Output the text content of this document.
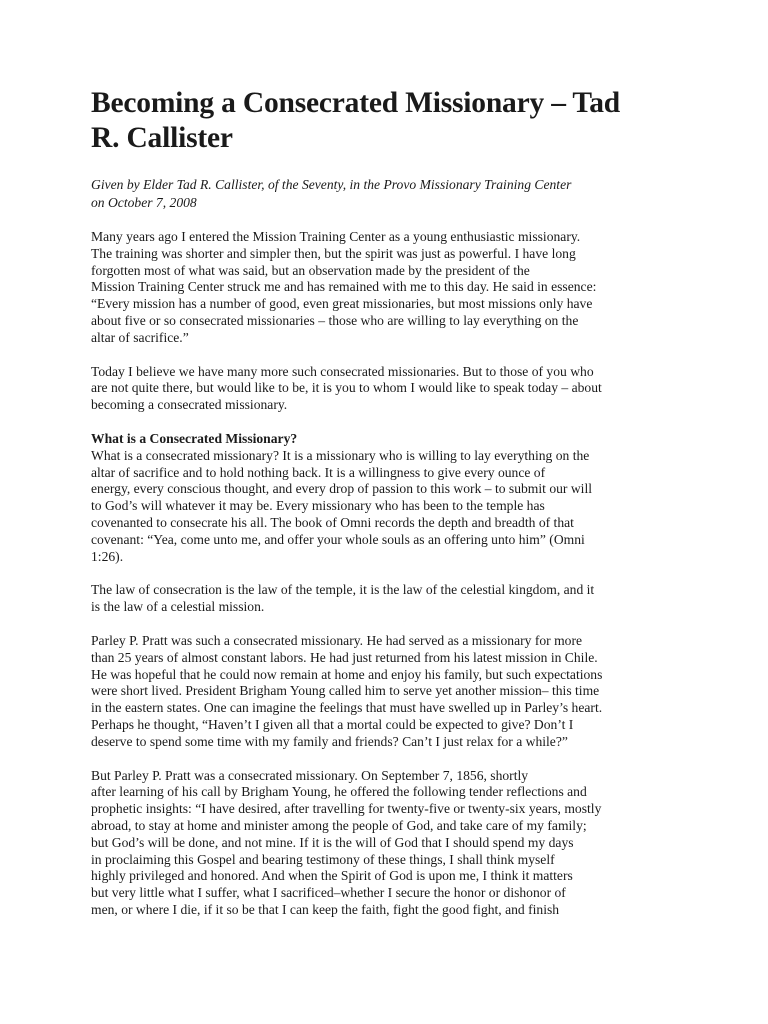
Becoming a Consecrated Missionary – Tad
R. Callister
Given by Elder Tad R. Callister, of the Seventy, in the Provo Missionary Training Center
on October 7, 2008
Many years ago I entered the Mission Training Center as a young enthusiastic missionary.
The training was shorter and simpler then, but the spirit was just as powerful. I have long
forgotten most of what was said, but an observation made by the president of the
Mission Training Center struck me and has remained with me to this day. He said in essence:
“Every mission has a number of good, even great missionaries, but most missions only have
about five or so consecrated missionaries – those who are willing to lay everything on the
altar of sacrifice.”
Today I believe we have many more such consecrated missionaries. But to those of you who
are not quite there, but would like to be, it is you to whom I would like to speak today – about
becoming a consecrated missionary.
What is a Consecrated Missionary?
What is a consecrated missionary? It is a missionary who is willing to lay everything on the
altar of sacrifice and to hold nothing back. It is a willingness to give every ounce of
energy, every conscious thought, and every drop of passion to this work – to submit our will
to God’s will whatever it may be. Every missionary who has been to the temple has
covenanted to consecrate his all. The book of Omni records the depth and breadth of that
covenant: “Yea, come unto me, and offer your whole souls as an offering unto him” (Omni
1:26).
The law of consecration is the law of the temple, it is the law of the celestial kingdom, and it
is the law of a celestial mission.
Parley P. Pratt was such a consecrated missionary. He had served as a missionary for more
than 25 years of almost constant labors. He had just returned from his latest mission in Chile.
He was hopeful that he could now remain at home and enjoy his family, but such expectations
were short lived. President Brigham Young called him to serve yet another mission– this time
in the eastern states. One can imagine the feelings that must have swelled up in Parley’s heart.
Perhaps he thought, “Haven’t I given all that a mortal could be expected to give? Don’t I
deserve to spend some time with my family and friends? Can’t I just relax for a while?”
But Parley P. Pratt was a consecrated missionary. On September 7, 1856, shortly
after learning of his call by Brigham Young, he offered the following tender reflections and
prophetic insights: “I have desired, after travelling for twenty-five or twenty-six years, mostly
abroad, to stay at home and minister among the people of God, and take care of my family;
but God’s will be done, and not mine. If it is the will of God that I should spend my days
in proclaiming this Gospel and bearing testimony of these things, I shall think myself
highly privileged and honored. And when the Spirit of God is upon me, I think it matters
but very little what I suffer, what I sacrificed–whether I secure the honor or dishonor of
men, or where I die, if it so be that I can keep the faith, fight the good fight, and finish
